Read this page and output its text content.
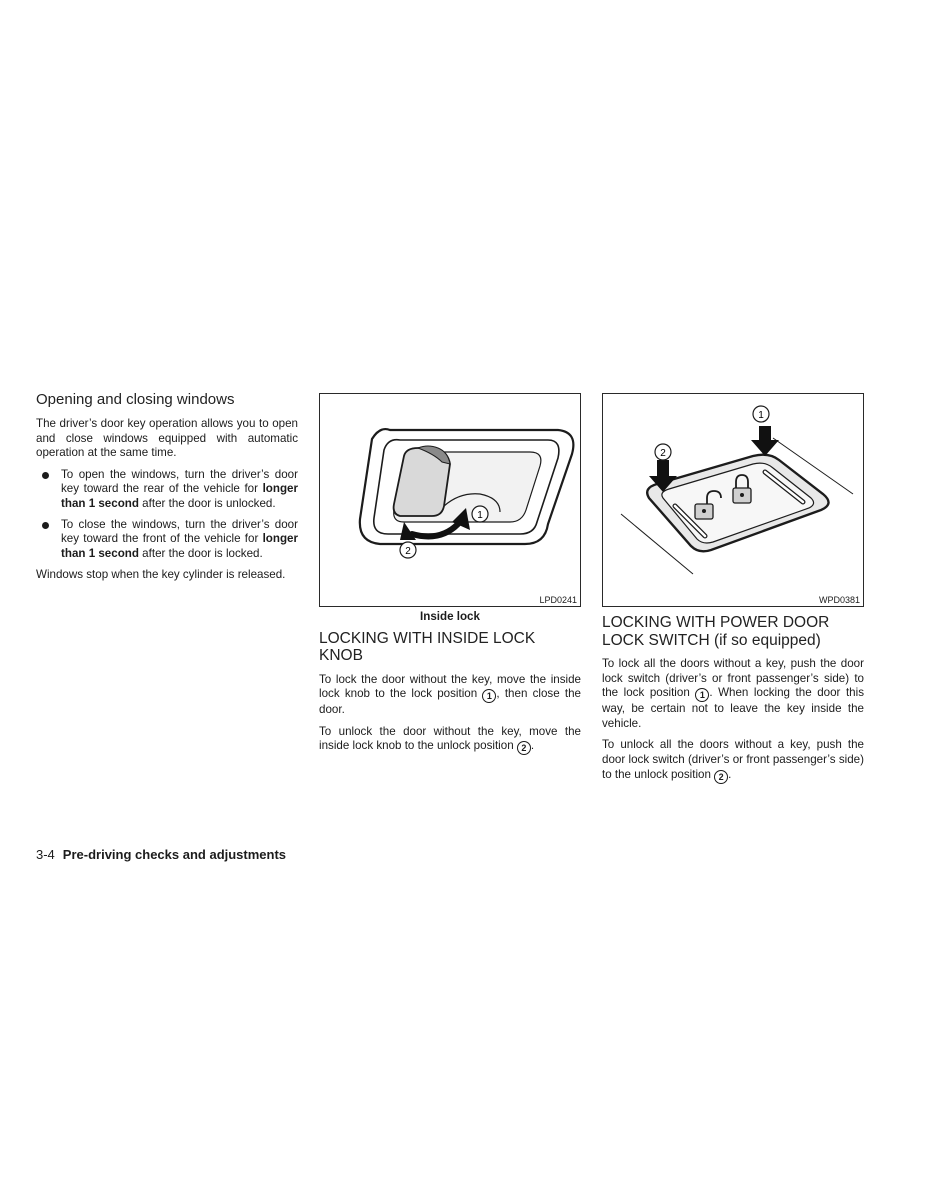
Opening and closing windows

The driver’s door key operation allows you to open and close windows equipped with automatic operation at the same time.

To open the windows, turn the driver’s door key toward the rear of the vehicle for longer than 1 second after the door is unlocked.
To close the windows, turn the driver’s door key toward the front of the vehicle for longer than 1 second after the door is locked.

Windows stop when the key cylinder is released.

1
2
LPD0241
Inside lock
LOCKING WITH INSIDE LOCK KNOB

To lock the door without the key, move the inside lock knob to the lock position 1 , then close the door.

To unlock the door without the key, move the inside lock knob to the unlock position 2 .

1
2
WPD0381
LOCKING WITH POWER DOOR LOCK SWITCH (if so equipped)

To lock all the doors without a key, push the door lock switch (driver’s or front passenger’s side) to the lock position 1 . When locking the door this way, be certain not to leave the key inside the vehicle.

To unlock all the doors without a key, push the door lock switch (driver’s or front passenger’s side) to the unlock position 2 .

3-4 Pre-driving checks and adjustments
